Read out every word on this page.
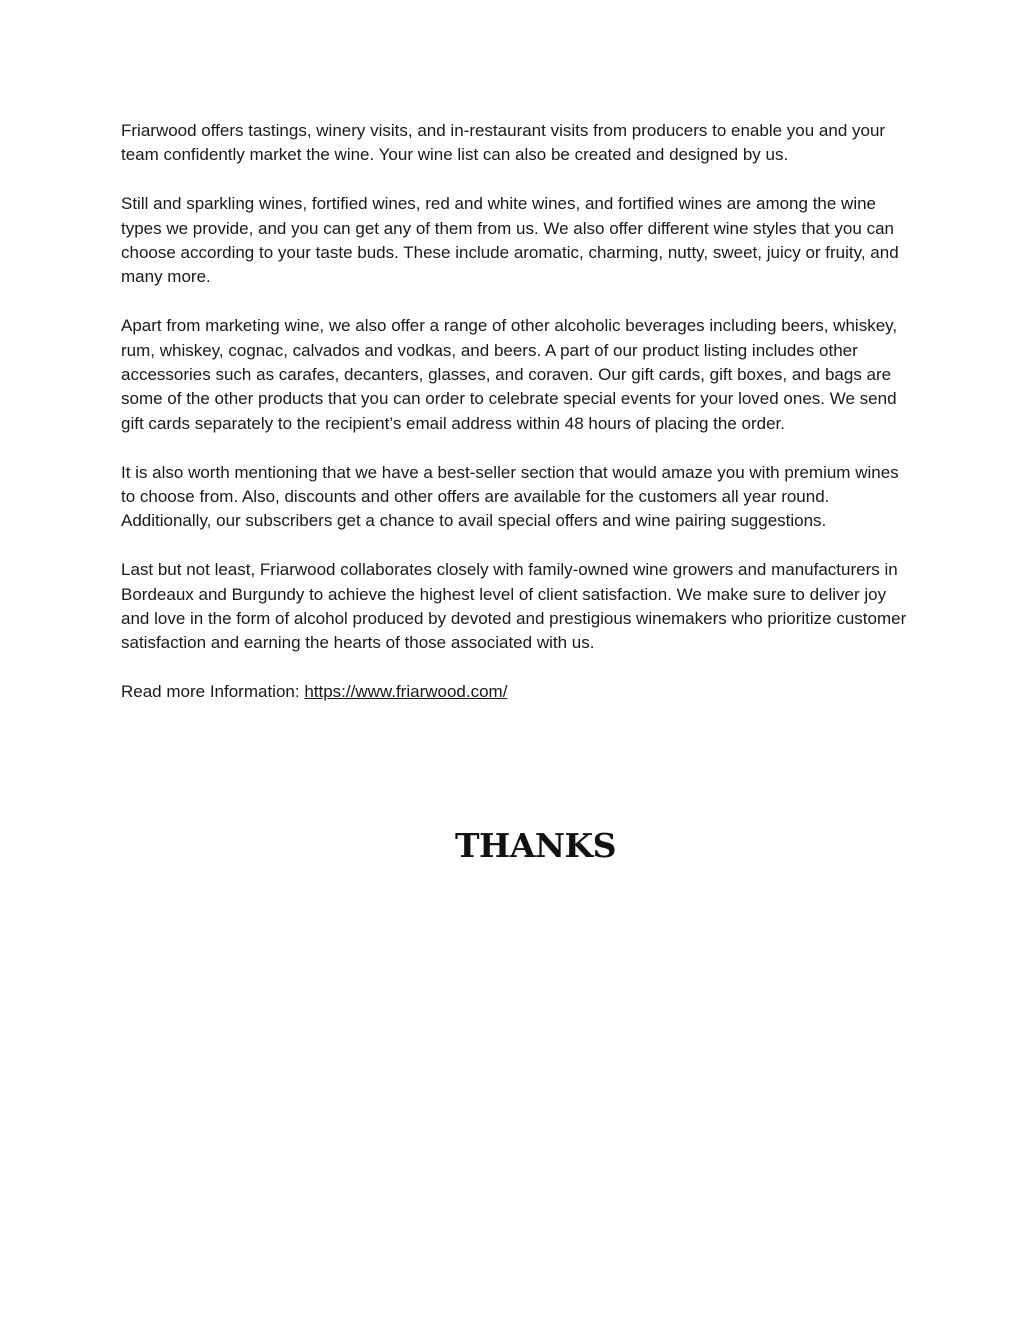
Friarwood offers tastings, winery visits, and in-restaurant visits from producers to enable you and your team confidently market the wine. Your wine list can also be created and designed by us.

Still and sparkling wines, fortified wines, red and white wines, and fortified wines are among the wine types we provide, and you can get any of them from us. We also offer different wine styles that you can choose according to your taste buds. These include aromatic, charming, nutty, sweet, juicy or fruity, and many more.

Apart from marketing wine, we also offer a range of other alcoholic beverages including beers, whiskey, rum, whiskey, cognac, calvados and vodkas, and beers. A part of our product listing includes other accessories such as carafes, decanters, glasses, and coraven. Our gift cards, gift boxes, and bags are some of the other products that you can order to celebrate special events for your loved ones. We send gift cards separately to the recipient’s email address within 48 hours of placing the order.

It is also worth mentioning that we have a best-seller section that would amaze you with premium wines to choose from. Also, discounts and other offers are available for the customers all year round. Additionally, our subscribers get a chance to avail special offers and wine pairing suggestions.

Last but not least, Friarwood collaborates closely with family-owned wine growers and manufacturers in Bordeaux and Burgundy to achieve the highest level of client satisfaction. We make sure to deliver joy and love in the form of alcohol produced by devoted and prestigious winemakers who prioritize customer satisfaction and earning the hearts of those associated with us.

Read more Information: https://www.friarwood.com/

THANKS
